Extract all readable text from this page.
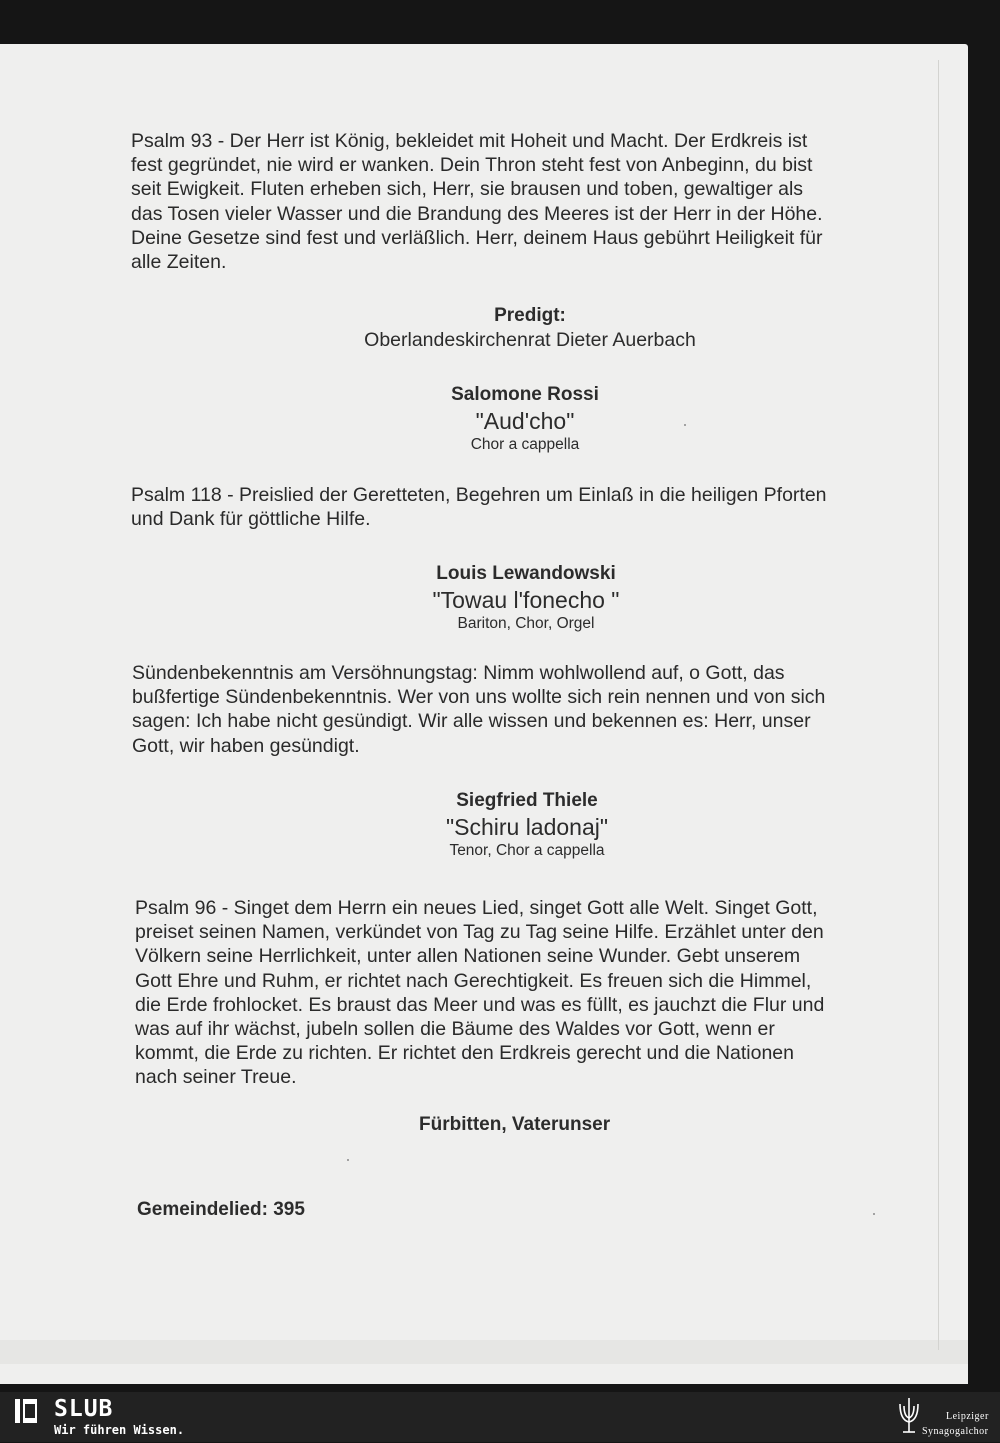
Psalm 93 - Der Herr ist König, bekleidet mit Hoheit und Macht. Der Erdkreis ist
fest gegründet, nie wird er wanken. Dein Thron steht fest von Anbeginn, du bist
seit Ewigkeit. Fluten erheben sich, Herr, sie brausen und toben, gewaltiger als
das Tosen vieler Wasser und die Brandung des Meeres ist der Herr in der Höhe.
Deine Gesetze sind fest und verläßlich. Herr, deinem Haus gebührt Heiligkeit für
alle Zeiten.

Predigt:
Oberlandeskirchenrat Dieter Auerbach
Salomone Rossi
"Aud'cho"
Chor a cappella

Psalm 118 - Preislied der Geretteten, Begehren um Einlaß in die heiligen Pforten
und Dank für göttliche Hilfe.

Louis Lewandowski
"Towau l'fonecho "
Bariton, Chor, Orgel

Sündenbekenntnis am Versöhnungstag: Nimm wohlwollend auf, o Gott, das
bußfertige Sündenbekenntnis. Wer von uns wollte sich rein nennen und von sich
sagen: Ich habe nicht gesündigt. Wir alle wissen und bekennen es: Herr, unser
Gott, wir haben gesündigt.

Siegfried Thiele
"Schiru ladonaj"
Tenor, Chor a cappella

Psalm 96 - Singet dem Herrn ein neues Lied, singet Gott alle Welt. Singet Gott,
preiset seinen Namen, verkündet von Tag zu Tag seine Hilfe. Erzählet unter den
Völkern seine Herrlichkeit, unter allen Nationen seine Wunder. Gebt unserem
Gott Ehre und Ruhm, er richtet nach Gerechtigkeit. Es freuen sich die Himmel,
die Erde frohlocket. Es braust das Meer und was es füllt, es jauchzt die Flur und
was auf ihr wächst, jubeln sollen die Bäume des Waldes vor Gott, wenn er
kommt, die Erde zu richten. Er richtet den Erdkreis gerecht und die Nationen
nach seiner Treue.

Fürbitten, Vaterunser
Gemeindelied: 395
SLUB
Wir führen Wissen.
Leipziger
Synagogalchor
